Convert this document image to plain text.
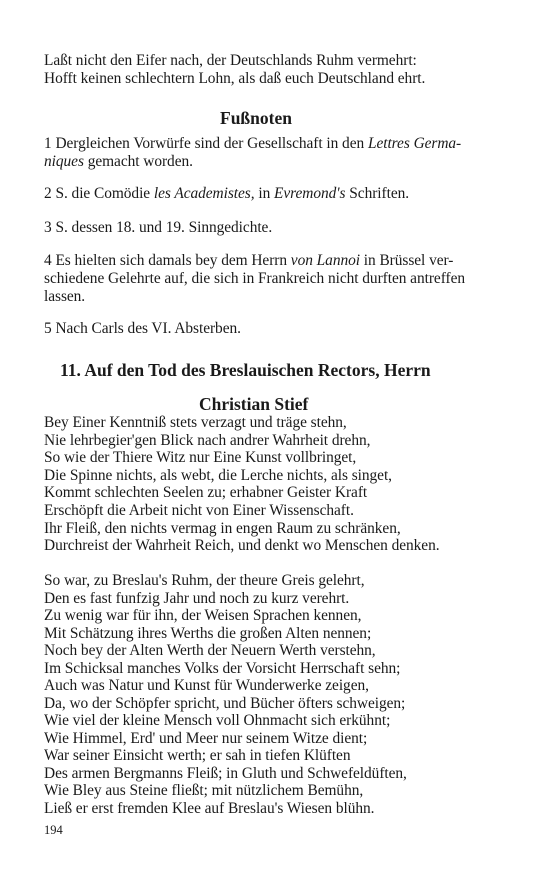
Laßt nicht den Eifer nach, der Deutschlands Ruhm vermehrt:
Hofft keinen schlechtern Lohn, als daß euch Deutschland ehrt.
Fußnoten
1 Dergleichen Vorwürfe sind der Gesellschaft in den Lettres Germa-
niques gemacht worden.
2 S. die Comödie les Academistes, in Evremond's Schriften.
3 S. dessen 18. und 19. Sinngedichte.
4 Es hielten sich damals bey dem Herrn von Lannoi in Brüssel ver-
schiedene Gelehrte auf, die sich in Frankreich nicht durften antreffen
lassen.
5 Nach Carls des VI. Absterben.
11. Auf den Tod des Breslauischen Rectors, Herrn
Christian Stief
Bey Einer Kenntniß stets verzagt und träge stehn,
Nie lehrbegier'gen Blick nach andrer Wahrheit drehn,
So wie der Thiere Witz nur Eine Kunst vollbringet,
Die Spinne nichts, als webt, die Lerche nichts, als singet,
Kommt schlechten Seelen zu; erhabner Geister Kraft
Erschöpft die Arbeit nicht von Einer Wissenschaft.
Ihr Fleiß, den nichts vermag in engen Raum zu schränken,
Durchreist der Wahrheit Reich, und denkt wo Menschen denken.
So war, zu Breslau's Ruhm, der theure Greis gelehrt,
Den es fast funfzig Jahr und noch zu kurz verehrt.
Zu wenig war für ihn, der Weisen Sprachen kennen,
Mit Schätzung ihres Werths die großen Alten nennen;
Noch bey der Alten Werth der Neuern Werth verstehn,
Im Schicksal manches Volks der Vorsicht Herrschaft sehn;
Auch was Natur und Kunst für Wunderwerke zeigen,
Da, wo der Schöpfer spricht, und Bücher öfters schweigen;
Wie viel der kleine Mensch voll Ohnmacht sich erkühnt;
Wie Himmel, Erd' und Meer nur seinem Witze dient;
War seiner Einsicht werth; er sah in tiefen Klüften
Des armen Bergmanns Fleiß; in Gluth und Schwefeldüften,
Wie Bley aus Steine fließt; mit nützlichem Bemühn,
Ließ er erst fremden Klee auf Breslau's Wiesen blühn.
194
